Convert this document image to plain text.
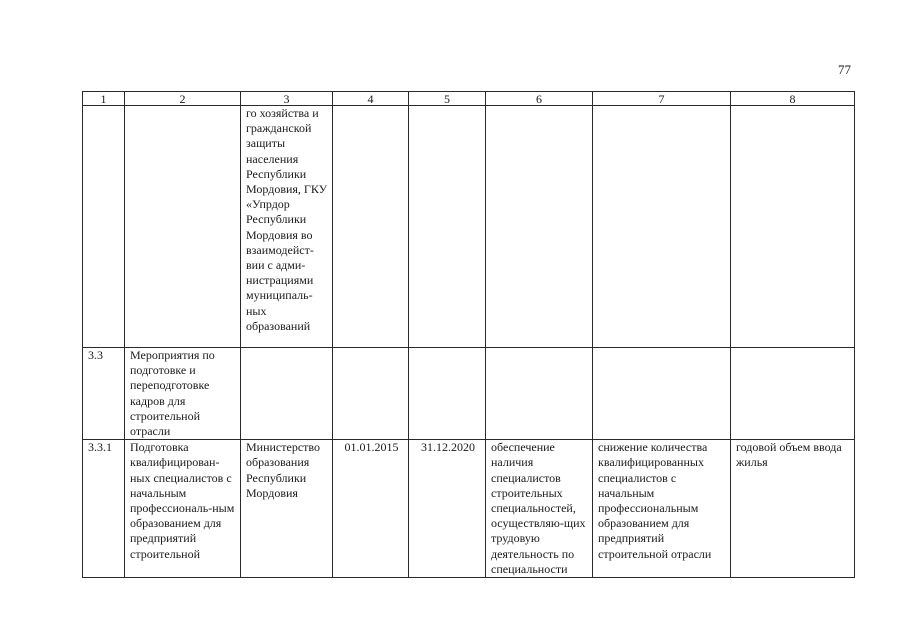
77
1	2	3	4	5	6	7	8
		го хозяйства и гражданской защиты населения Республики Мордовия, ГКУ «Упрдор Республики Мордовия во взаимодейст-вии с адми-нистрациями муниципаль-ных образований					
3.3	Мероприятия по подготовке и переподготовке кадров для строительной отрасли						
3.3.1	Подготовка квалифицирован-ных специалистов с начальным профессиональ-ным образованием для предприятий строительной	Министерство образования Республики Мордовия	01.01.2015	31.12.2020	обеспечение наличия специалистов строительных специальностей, осуществляю-щих трудовую деятельность по специальности	снижение количества квалифицированных специалистов с начальным профессиональным образованием для предприятий строительной отрасли	годовой объем ввода жилья
